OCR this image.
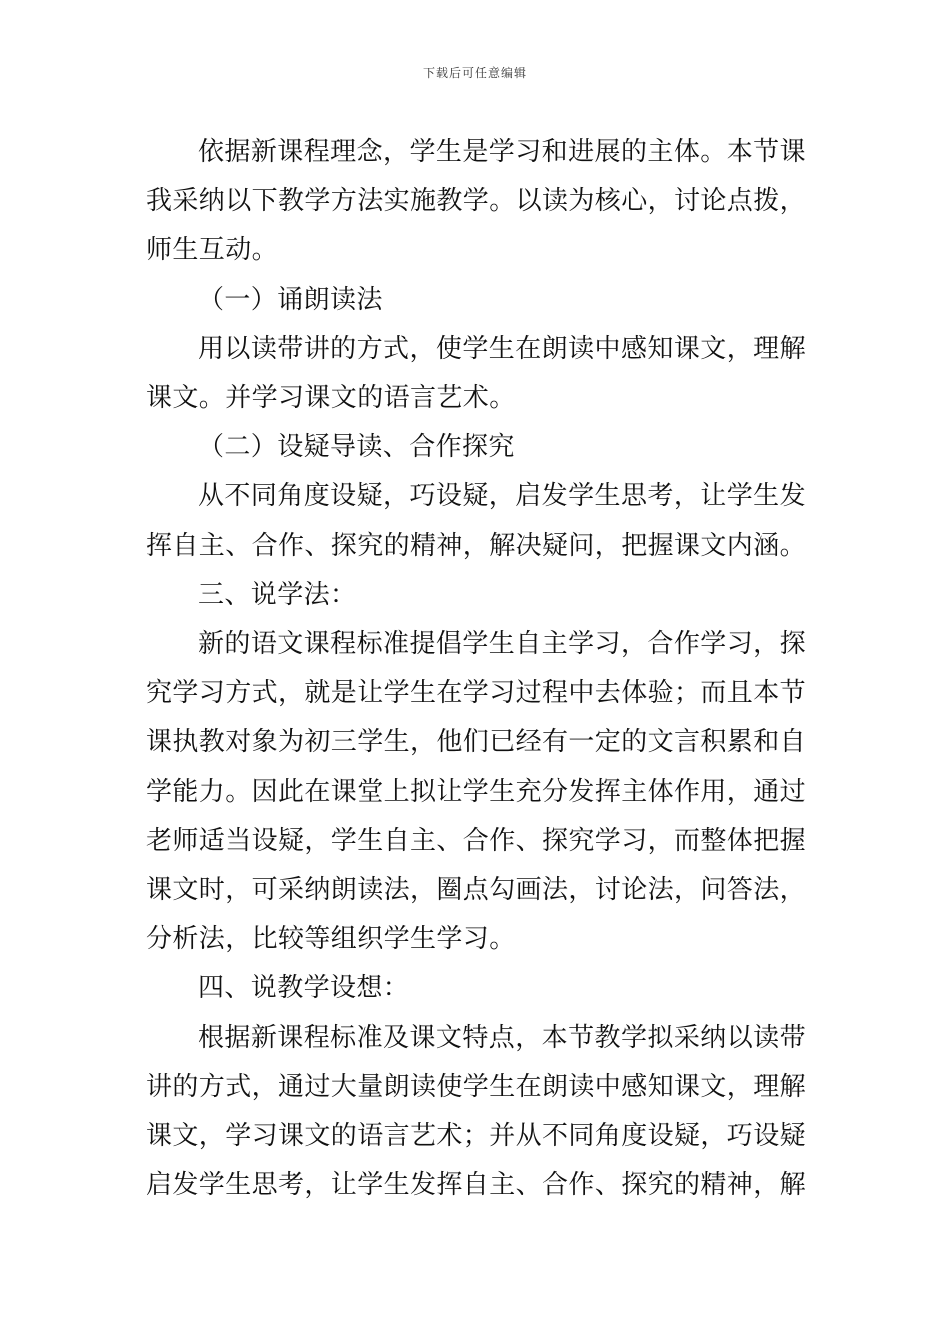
下载后可任意编辑

依据新课程理念，学生是学习和进展的主体。本节课我采纳以下教学方法实施教学。以读为核心，讨论点拨，师生互动。

（一）诵朗读法

用以读带讲的方式，使学生在朗读中感知课文，理解课文。并学习课文的语言艺术。

（二）设疑导读、合作探究

从不同角度设疑，巧设疑，启发学生思考，让学生发挥自主、合作、探究的精神，解决疑问，把握课文内涵。

三、说学法：

新的语文课程标准提倡学生自主学习，合作学习，探究学习方式，就是让学生在学习过程中去体验；而且本节课执教对象为初三学生，他们已经有一定的文言积累和自学能力。因此在课堂上拟让学生充分发挥主体作用，通过老师适当设疑，学生自主、合作、探究学习，而整体把握课文时，可采纳朗读法，圈点勾画法，讨论法，问答法，分析法，比较等组织学生学习。

四、说教学设想：

根据新课程标准及课文特点，本节教学拟采纳以读带讲的方式，通过大量朗读使学生在朗读中感知课文，理解课文，学习课文的语言艺术；并从不同角度设疑，巧设疑启发学生思考，让学生发挥自主、合作、探究的精神，解
